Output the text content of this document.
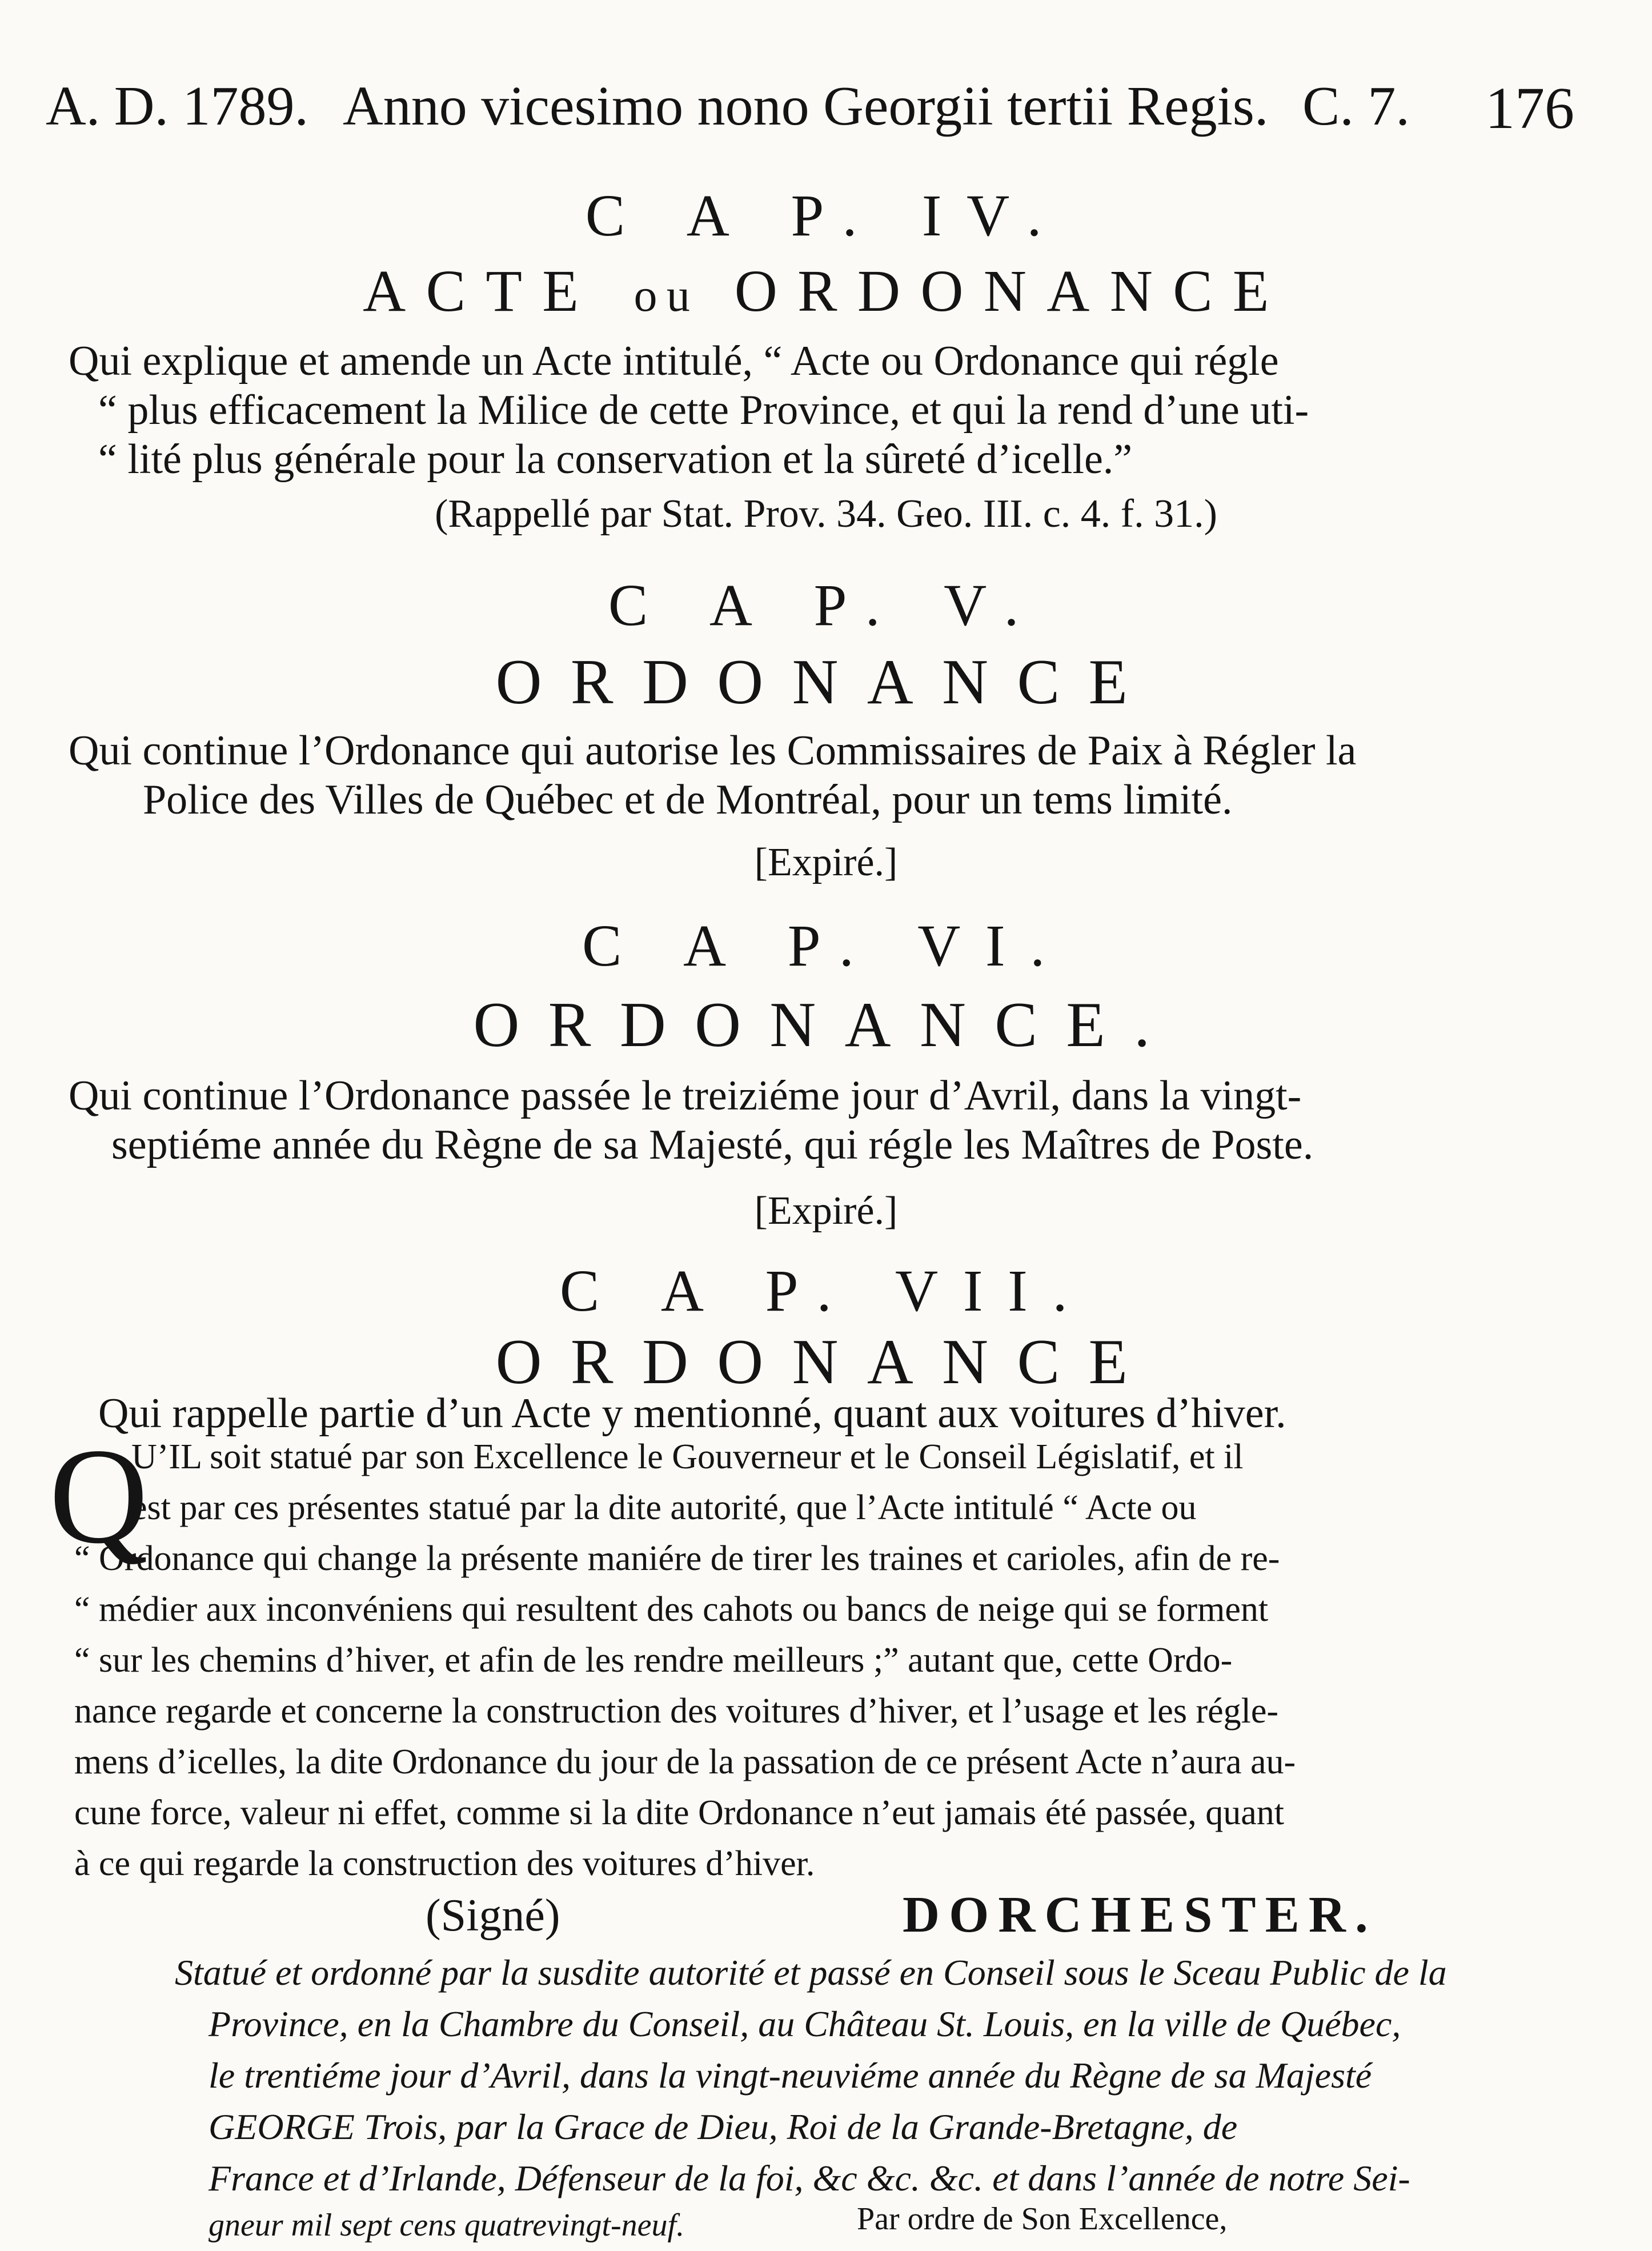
A. D. 1789. Anno vicesimo nono Georgii tertii Regis. C. 7. 176
C A P. IV.
ACTE ou ORDONANCE
Qui explique et amende un Acte intitulé, “ Acte ou Ordonance qui régle
“ plus efficacement la Milice de cette Province, et qui la rend d’une uti-
“ lité plus générale pour la conservation et la sûreté d’icelle.”
(Rappellé par Stat. Prov. 34. Geo. III. c. 4. f. 31.)
C A P. V.
ORDONANCE
Qui continue l’Ordonance qui autorise les Commissaires de Paix à Régler la
Police des Villes de Québec et de Montréal, pour un tems limité.
[Expiré.]
C A P. VI.
ORDONANCE.
Qui continue l’Ordonance passée le treiziéme jour d’Avril, dans la vingt-
septiéme année du Règne de sa Majesté, qui régle les Maîtres de Poste.
[Expiré.]
C A P. VII.
ORDONANCE
Qui rappelle partie d’un Acte y mentionné, quant aux voitures d’hiver.
Q
U’IL soit statué par son Excellence le Gouverneur et le Conseil Législatif, et il
est par ces présentes statué par la dite autorité, que l’Acte intitulé “ Acte ou
“ Ordonance qui change la présente maniére de tirer les traines et carioles, afin de re-
“ médier aux inconvéniens qui resultent des cahots ou bancs de neige qui se forment
“ sur les chemins d’hiver, et afin de les rendre meilleurs ;” autant que, cette Ordo-
nance regarde et concerne la construction des voitures d’hiver, et l’usage et les régle-
mens d’icelles, la dite Ordonance du jour de la passation de ce présent Acte n’aura au-
cune force, valeur ni effet, comme si la dite Ordonance n’eut jamais été passée, quant
à ce qui regarde la construction des voitures d’hiver.
(Signé)	DORCHESTER.
Statué et ordonné par la susdite autorité et passé en Conseil sous le Sceau Public de la
Province, en la Chambre du Conseil, au Château St. Louis, en la ville de Québec,
le trentiéme jour d’Avril, dans la vingt-neuviéme année du Règne de sa Majesté
GEORGE Trois, par la Grace de Dieu, Roi de la Grande-Bretagne, de
France et d’Irlande, Défenseur de la foi, &c &c. &c. et dans l’année de notre Sei-
gneur mil sept cens quatrevingt-neuf.	Par ordre de Son Excellence,
